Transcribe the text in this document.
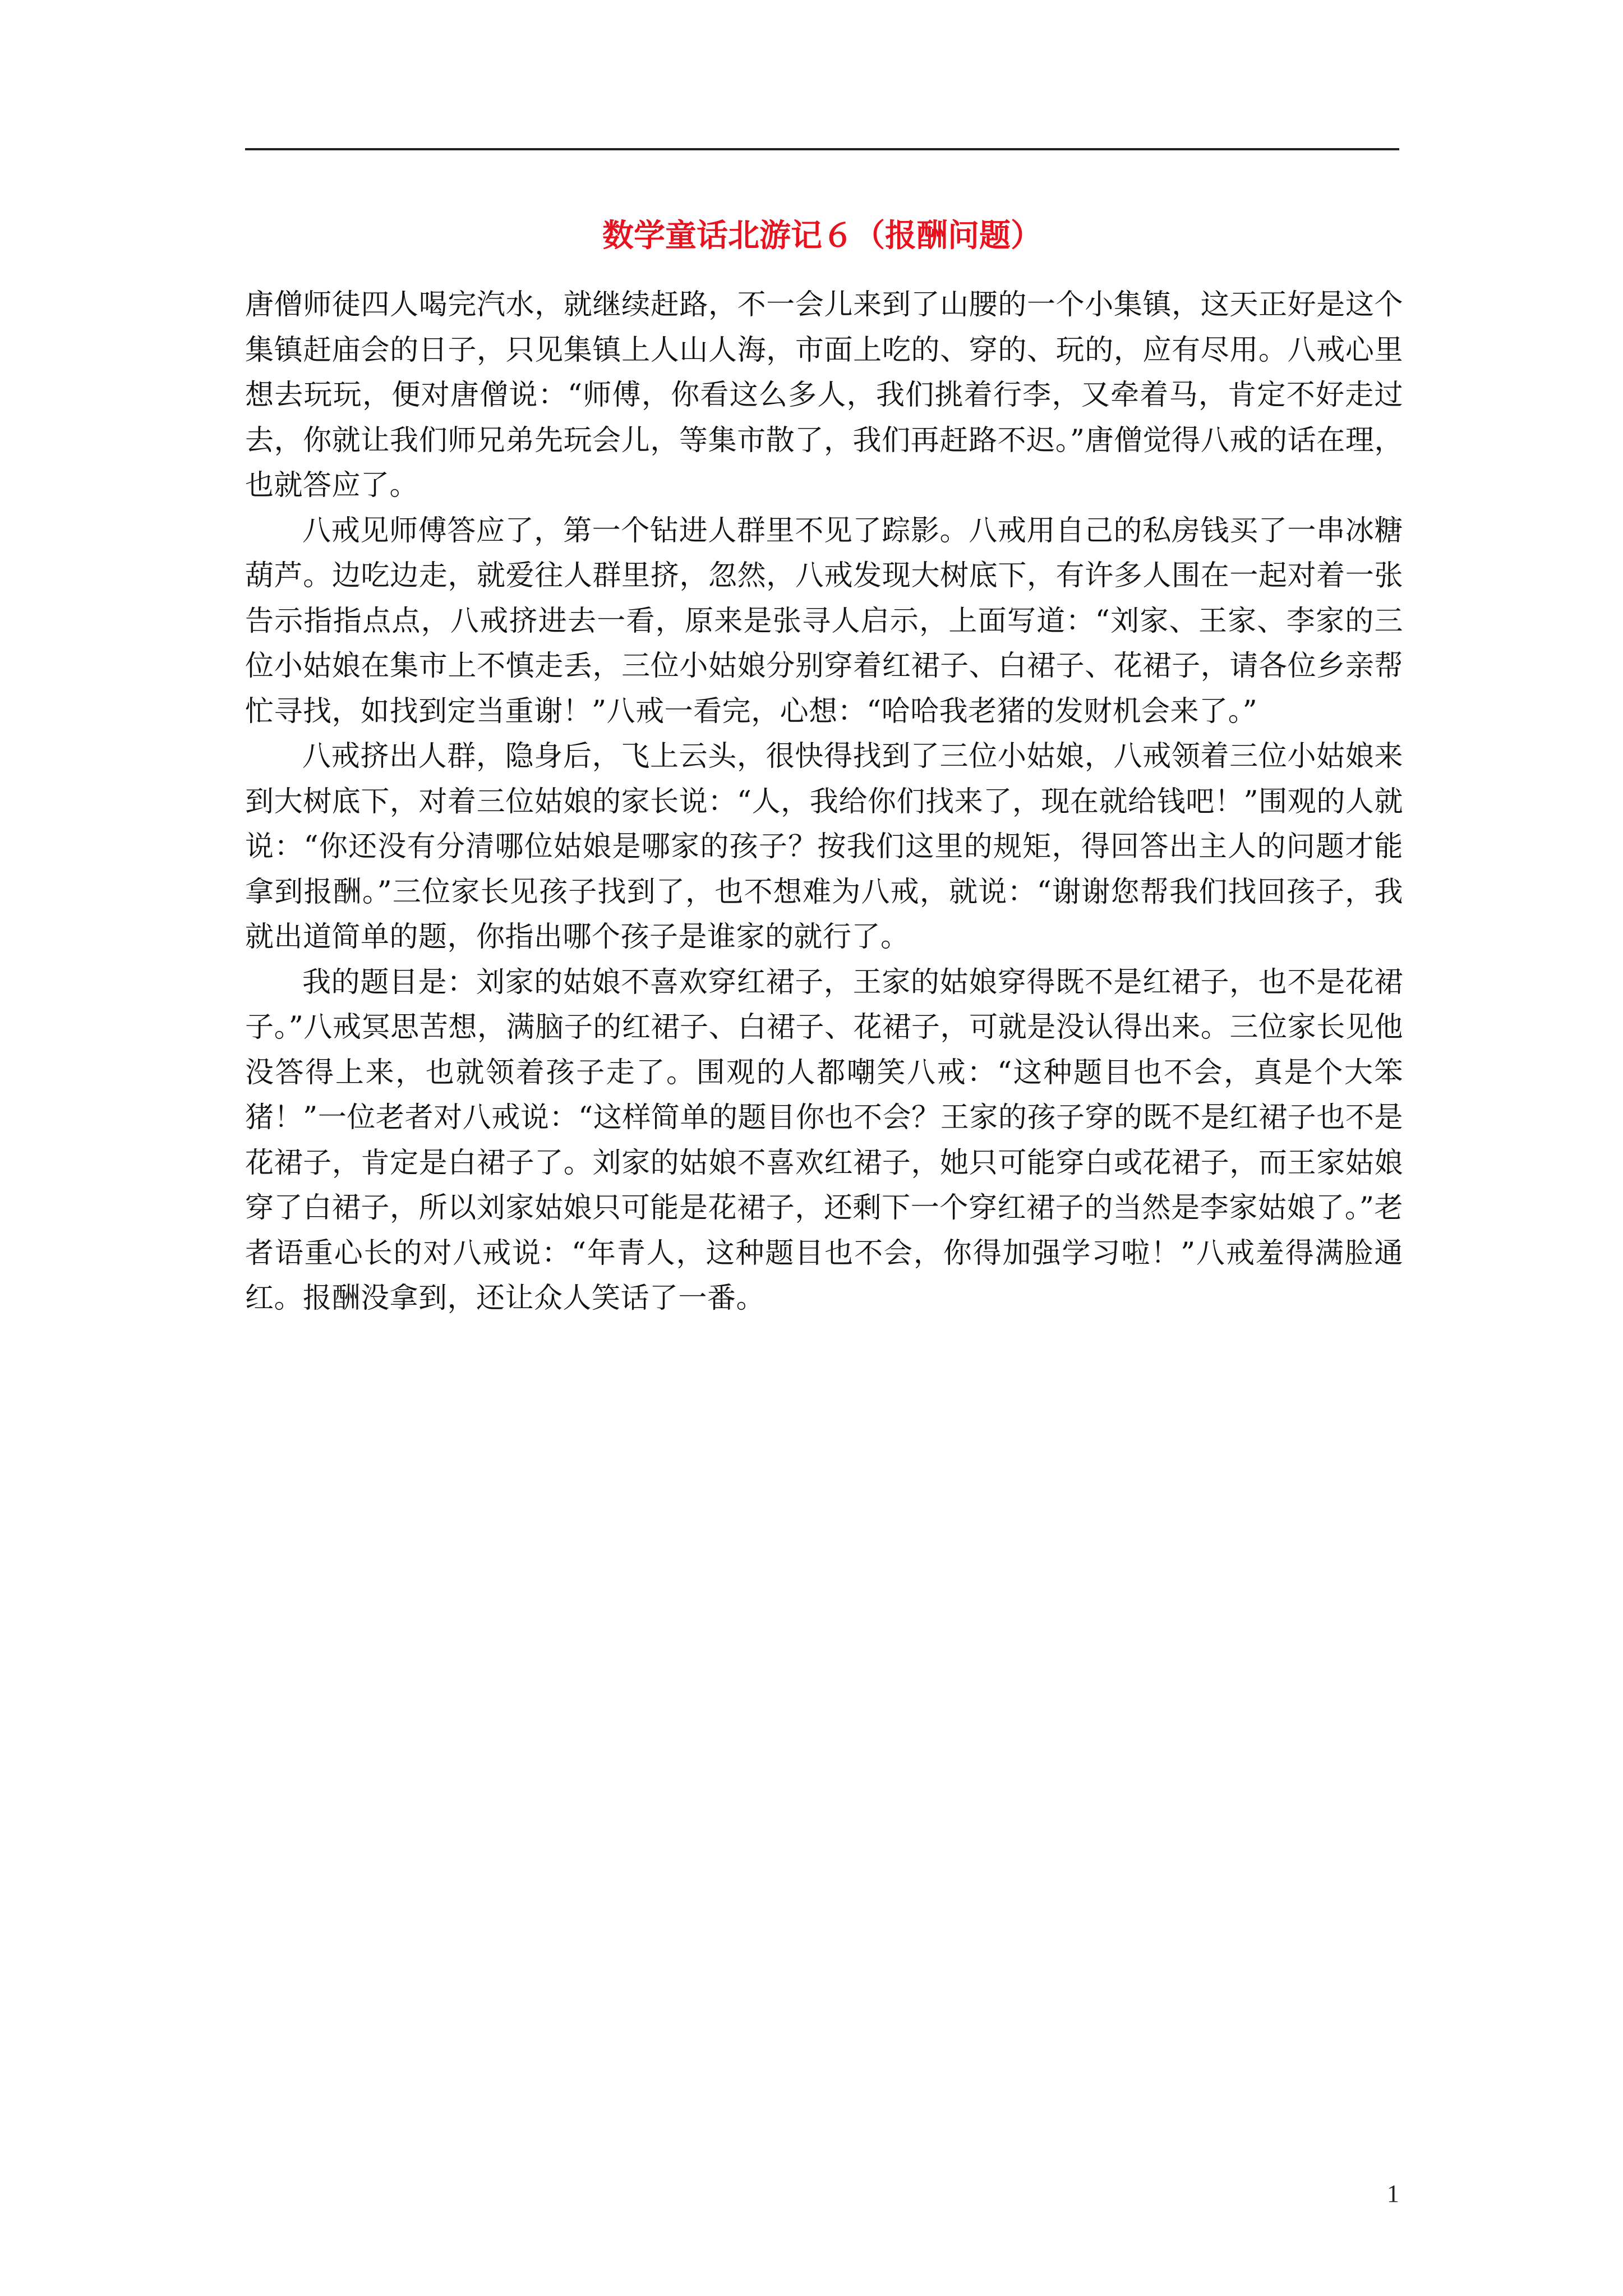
数学童话北游记６（报酬问题）

唐僧师徒四人喝完汽水，就继续赶路，不一会儿来到了山腰的一个小集镇，这天正好是这个集镇赶庙会的日子，只见集镇上人山人海，市面上吃的、穿的、玩的，应有尽用。八戒心里想去玩玩，便对唐僧说：“师傅，你看这么多人，我们挑着行李，又牵着马，肯定不好走过去，你就让我们师兄弟先玩会儿，等集市散了，我们再赶路不迟。”唐僧觉得八戒的话在理，也就答应了。

八戒见师傅答应了，第一个钻进人群里不见了踪影。八戒用自己的私房钱买了一串冰糖葫芦。边吃边走，就爱往人群里挤，忽然，八戒发现大树底下，有许多人围在一起对着一张告示指指点点，八戒挤进去一看，原来是张寻人启示，上面写道：“刘家、王家、李家的三位小姑娘在集市上不慎走丢，三位小姑娘分别穿着红裙子、白裙子、花裙子，请各位乡亲帮忙寻找，如找到定当重谢！”八戒一看完，心想：“哈哈我老猪的发财机会来了。”

八戒挤出人群，隐身后，飞上云头，很快得找到了三位小姑娘，八戒领着三位小姑娘来到大树底下，对着三位姑娘的家长说：“人，我给你们找来了，现在就给钱吧！”围观的人就说：“你还没有分清哪位姑娘是哪家的孩子？按我们这里的规矩，得回答出主人的问题才能拿到报酬。”三位家长见孩子找到了，也不想难为八戒，就说：“谢谢您帮我们找回孩子，我就出道简单的题，你指出哪个孩子是谁家的就行了。

我的题目是：刘家的姑娘不喜欢穿红裙子，王家的姑娘穿得既不是红裙子，也不是花裙子。”八戒冥思苦想，满脑子的红裙子、白裙子、花裙子，可就是没认得出来。三位家长见他没答得上来，也就领着孩子走了。围观的人都嘲笑八戒：“这种题目也不会，真是个大笨猪！”一位老者对八戒说：“这样简单的题目你也不会？王家的孩子穿的既不是红裙子也不是花裙子，肯定是白裙子了。刘家的姑娘不喜欢红裙子，她只可能穿白或花裙子，而王家姑娘穿了白裙子，所以刘家姑娘只可能是花裙子，还剩下一个穿红裙子的当然是李家姑娘了。”老者语重心长的对八戒说：“年青人，这种题目也不会，你得加强学习啦！”八戒羞得满脸通红。报酬没拿到，还让众人笑话了一番。

1
